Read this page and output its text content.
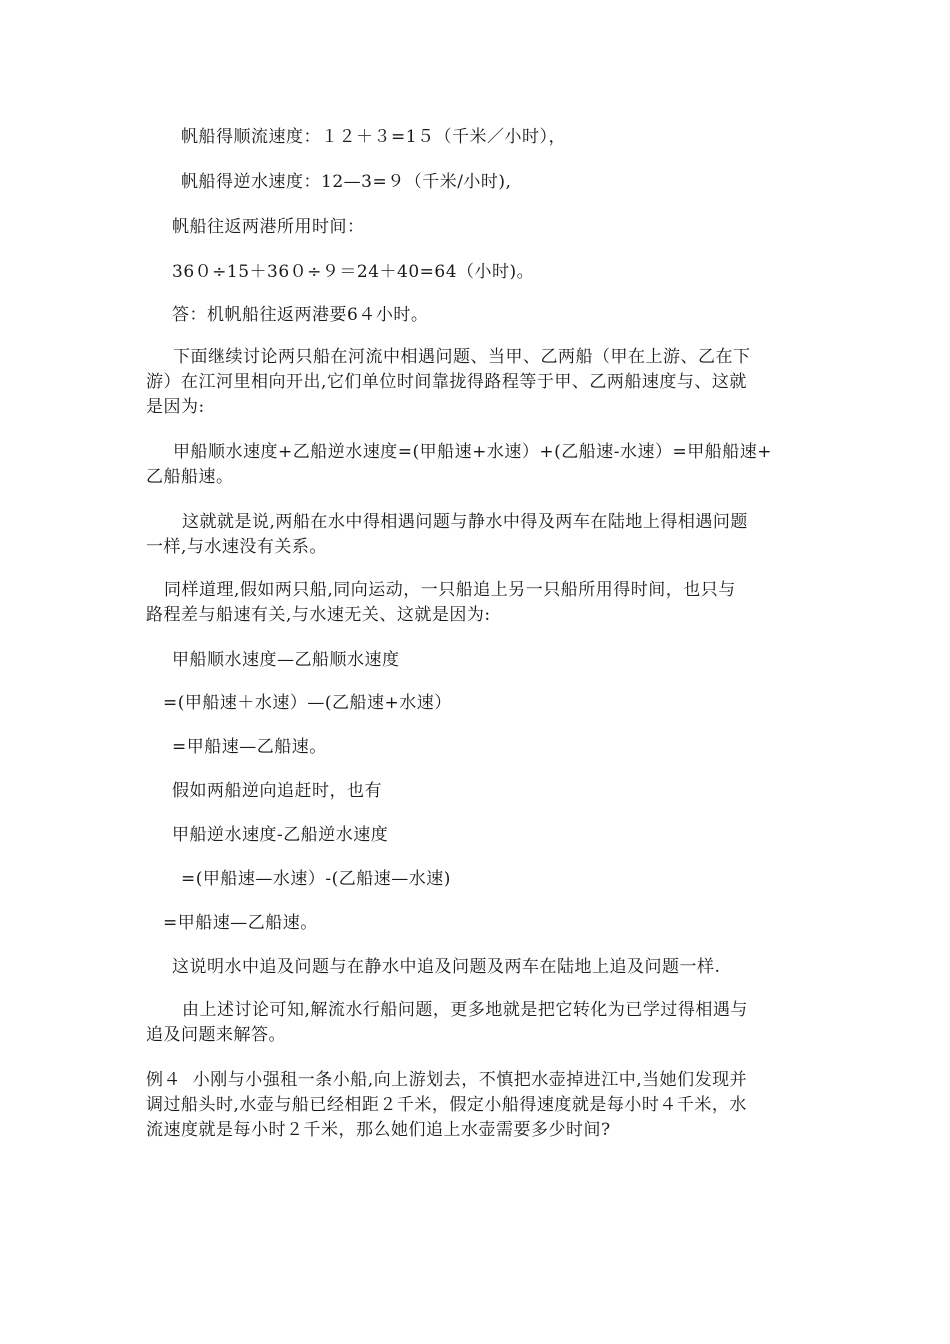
帆船得顺流速度：１２＋３=1５（千米／小时），
帆船得逆水速度：12—3=９（千米/小时),
帆船往返两港所用时间：
36０÷15＋36０÷９＝24＋40=64（小时)。
答：机帆船往返两港要6４小时。
下面继续讨论两只船在河流中相遇问题、当甲、乙两船（甲在上游、乙在下
游）在江河里相向开出,它们单位时间靠拢得路程等于甲、乙两船速度与、这就
是因为:
甲船顺水速度+乙船逆水速度=(甲船速+水速）+(乙船速-水速）=甲船船速+
乙船船速。
这就就是说,两船在水中得相遇问题与静水中得及两车在陆地上得相遇问题
一样,与水速没有关系。
同样道理,假如两只船,同向运动，一只船追上另一只船所用得时间，也只与
路程差与船速有关,与水速无关、这就是因为:
甲船顺水速度—乙船顺水速度
=(甲船速＋水速）—(乙船速+水速）
=甲船速—乙船速。
假如两船逆向追赶时，也有
甲船逆水速度-乙船逆水速度
=(甲船速—水速）-(乙船速—水速)
=甲船速—乙船速。
这说明水中追及问题与在静水中追及问题及两车在陆地上追及问题一样.
由上述讨论可知,解流水行船问题，更多地就是把它转化为已学过得相遇与
追及问题来解答。
例４  小刚与小强租一条小船,向上游划去，不慎把水壶掉进江中,当她们发现并
调过船头时,水壶与船已经相距２千米，假定小船得速度就是每小时４千米，水
流速度就是每小时２千米，那么她们追上水壶需要多少时间?
